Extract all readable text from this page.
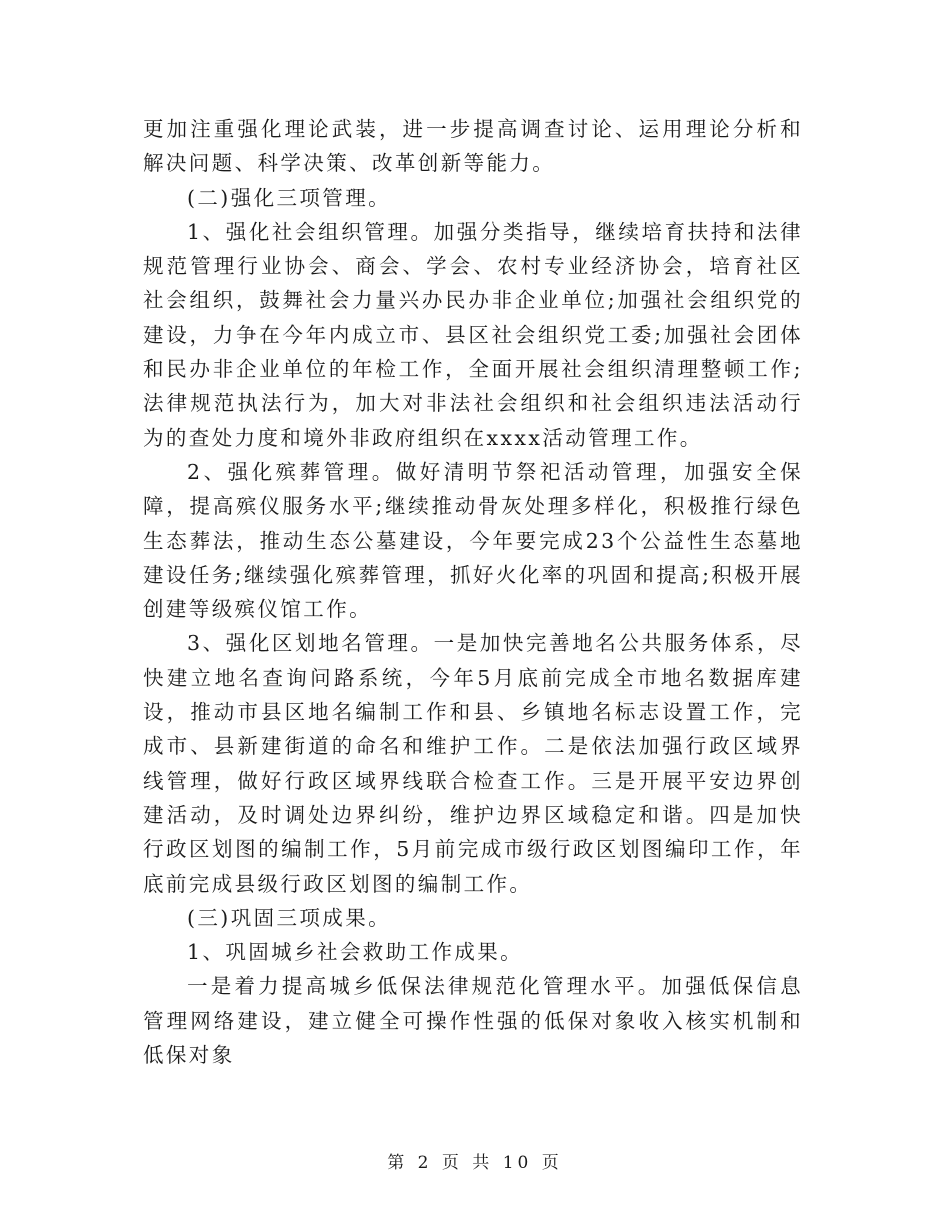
更加注重强化理论武装，进一步提高调查讨论、运用理论分析和解决问题、科学决策、改革创新等能力。

(二)强化三项管理。

1、强化社会组织管理。加强分类指导，继续培育扶持和法律规范管理行业协会、商会、学会、农村专业经济协会，培育社区社会组织，鼓舞社会力量兴办民办非企业单位;加强社会组织党的建设，力争在今年内成立市、县区社会组织党工委;加强社会团体和民办非企业单位的年检工作，全面开展社会组织清理整顿工作;法律规范执法行为，加大对非法社会组织和社会组织违法活动行为的查处力度和境外非政府组织在xxxx活动管理工作。

2、强化殡葬管理。做好清明节祭祀活动管理，加强安全保障，提高殡仪服务水平;继续推动骨灰处理多样化，积极推行绿色生态葬法，推动生态公墓建设，今年要完成23个公益性生态墓地建设任务;继续强化殡葬管理，抓好火化率的巩固和提高;积极开展创建等级殡仪馆工作。

3、强化区划地名管理。一是加快完善地名公共服务体系，尽快建立地名查询问路系统，今年5月底前完成全市地名数据库建设，推动市县区地名编制工作和县、乡镇地名标志设置工作，完成市、县新建街道的命名和维护工作。二是依法加强行政区域界线管理，做好行政区域界线联合检查工作。三是开展平安边界创建活动，及时调处边界纠纷，维护边界区域稳定和谐。四是加快行政区划图的编制工作，5月前完成市级行政区划图编印工作，年底前完成县级行政区划图的编制工作。

(三)巩固三项成果。

1、巩固城乡社会救助工作成果。

一是着力提高城乡低保法律规范化管理水平。加强低保信息管理网络建设，建立健全可操作性强的低保对象收入核实机制和低保对象

第 2 页 共 10 页
